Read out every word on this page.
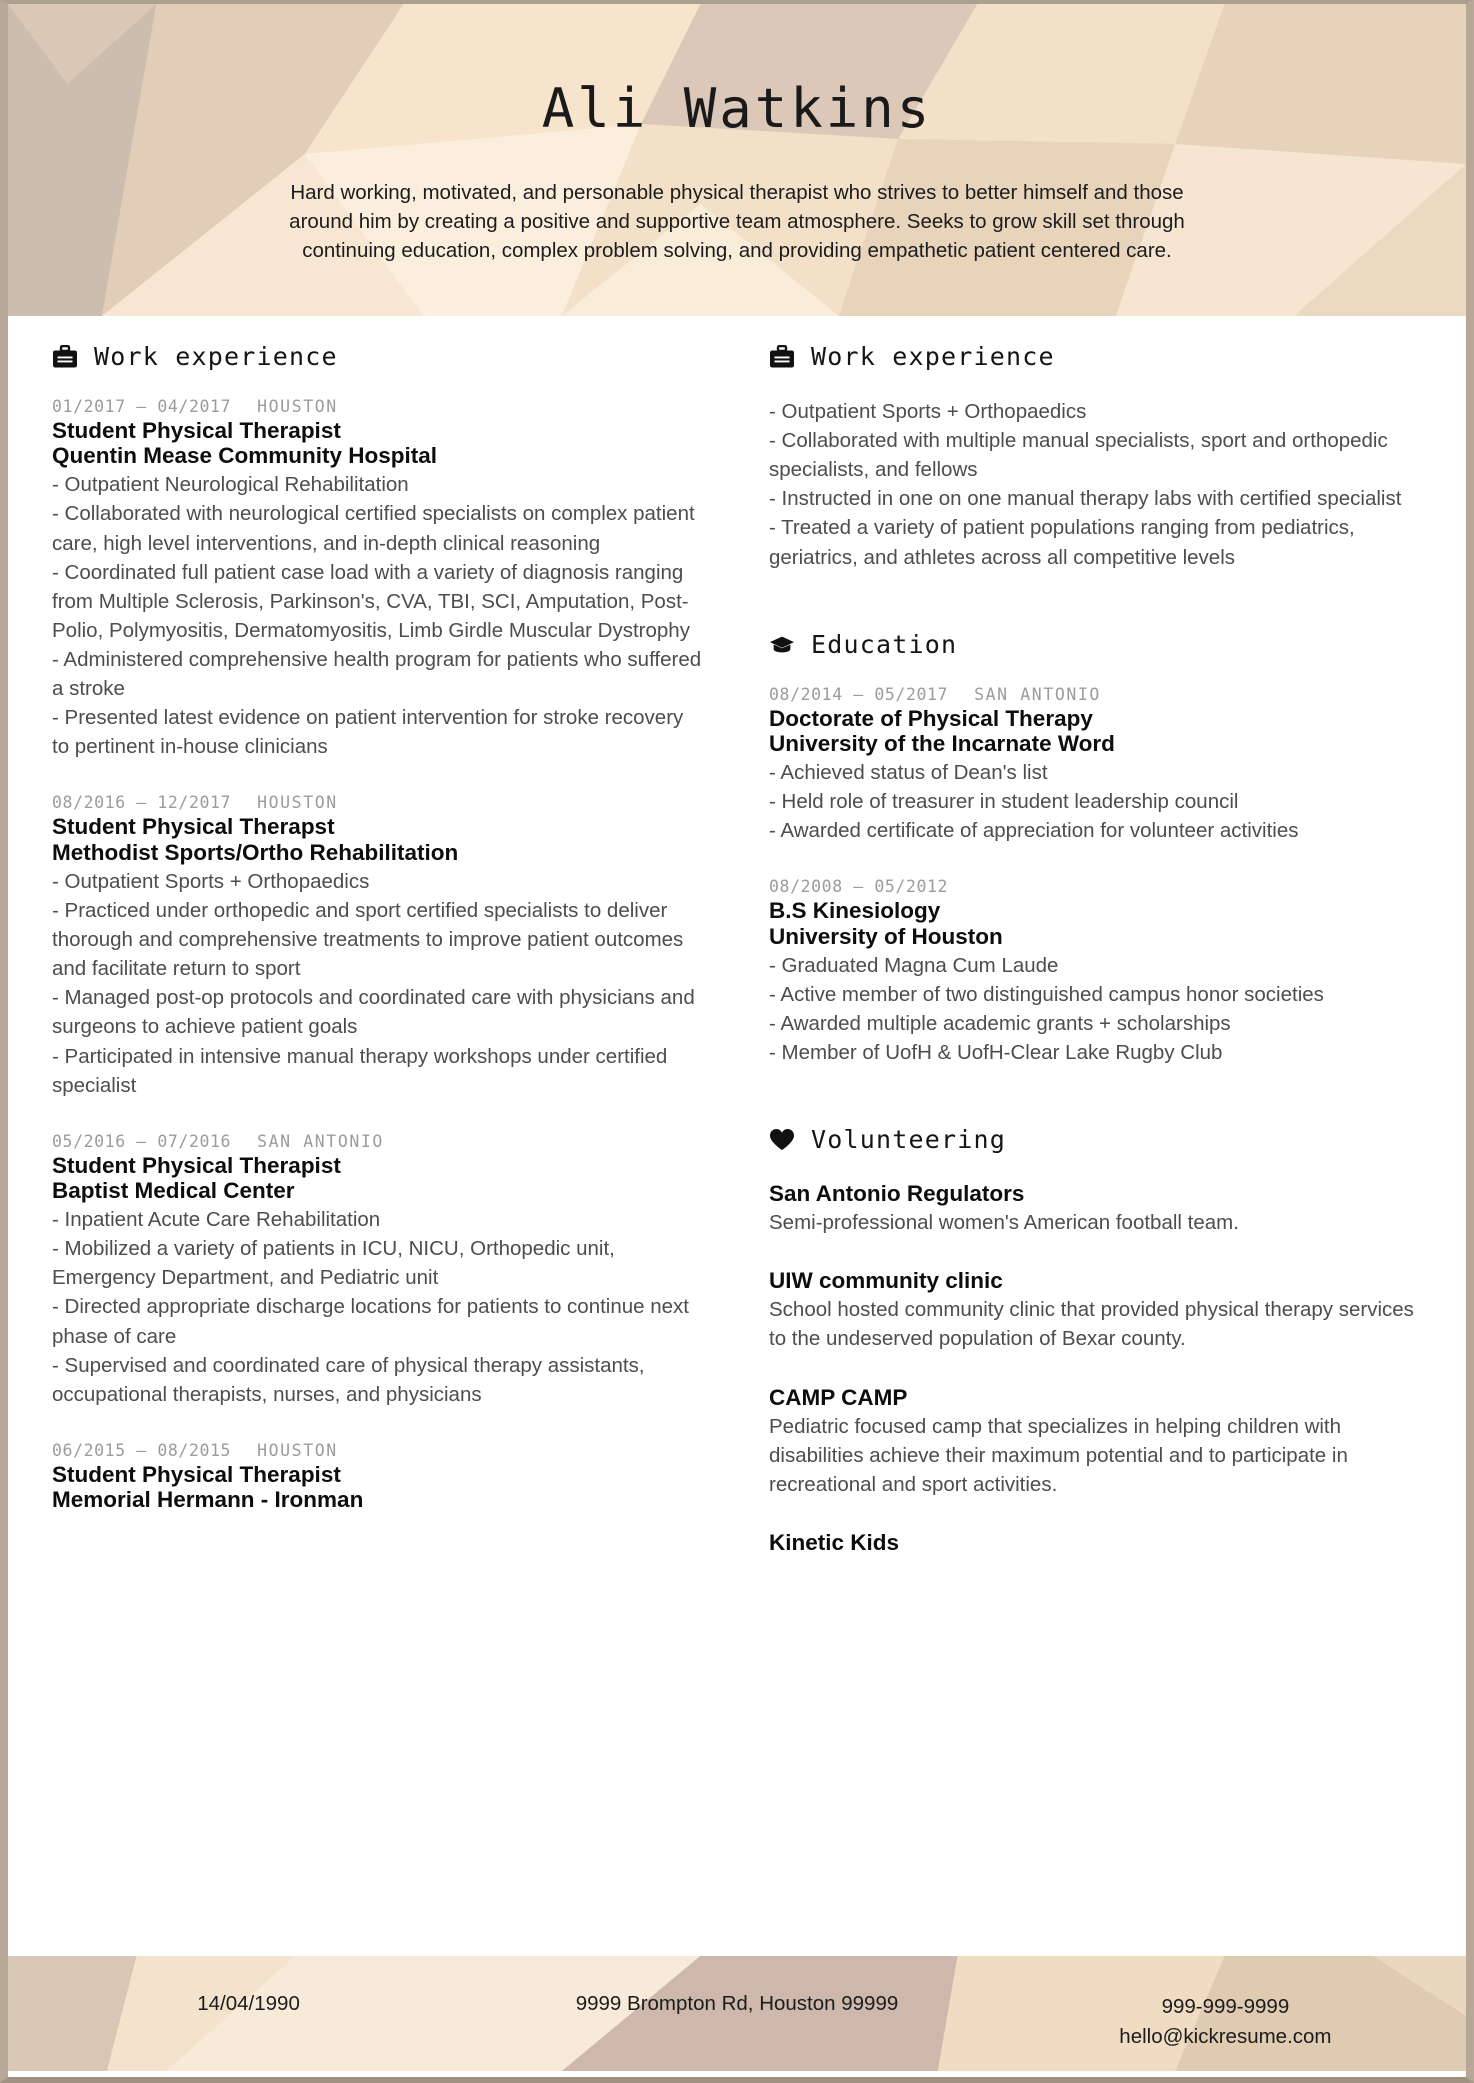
Ali Watkins
Hard working, motivated, and personable physical therapist who strives to better himself and those around him by creating a positive and supportive team atmosphere. Seeks to grow skill set through continuing education, complex problem solving, and providing empathetic patient centered care.
Work experience
01/2017 – 04/2017 HOUSTON
Student Physical Therapist
Quentin Mease Community Hospital

- Outpatient Neurological Rehabilitation

- Collaborated with neurological certified specialists on complex patient care, high level interventions, and in-depth clinical reasoning

- Coordinated full patient case load with a variety of diagnosis ranging from Multiple Sclerosis, Parkinson's, CVA, TBI, SCI, Amputation, Post-Polio, Polymyositis, Dermatomyositis, Limb Girdle Muscular Dystrophy

- Administered comprehensive health program for patients who suffered a stroke

- Presented latest evidence on patient intervention for stroke recovery to pertinent in-house clinicians

08/2016 – 12/2017 HOUSTON
Student Physical Therapst
Methodist Sports/Ortho Rehabilitation

- Outpatient Sports + Orthopaedics

- Practiced under orthopedic and sport certified specialists to deliver thorough and comprehensive treatments to improve patient outcomes and facilitate return to sport

- Managed post-op protocols and coordinated care with physicians and surgeons to achieve patient goals

- Participated in intensive manual therapy workshops under certified specialist

05/2016 – 07/2016 SAN ANTONIO
Student Physical Therapist
Baptist Medical Center

- Inpatient Acute Care Rehabilitation

- Mobilized a variety of patients in ICU, NICU, Orthopedic unit, Emergency Department, and Pediatric unit

- Directed appropriate discharge locations for patients to continue next phase of care

- Supervised and coordinated care of physical therapy assistants, occupational therapists, nurses, and physicians

06/2015 – 08/2015 HOUSTON
Student Physical Therapist
Memorial Hermann - Ironman
Work experience

- Outpatient Sports + Orthopaedics

- Collaborated with multiple manual specialists, sport and orthopedic specialists, and fellows

- Instructed in one on one manual therapy labs with certified specialist

- Treated a variety of patient populations ranging from pediatrics, geriatrics, and athletes across all competitive levels

Education
08/2014 – 05/2017 SAN ANTONIO
Doctorate of Physical Therapy
University of the Incarnate Word

- Achieved status of Dean's list

- Held role of treasurer in student leadership council

- Awarded certificate of appreciation for volunteer activities

08/2008 – 05/2012
B.S Kinesiology
University of Houston

- Graduated Magna Cum Laude

- Active member of two distinguished campus honor societies

- Awarded multiple academic grants + scholarships

- Member of UofH & UofH-Clear Lake Rugby Club

Volunteering
San Antonio Regulators
Semi-professional women's American football team.
UIW community clinic
School hosted community clinic that provided physical therapy services to the undeserved population of Bexar county.
CAMP CAMP
Pediatric focused camp that specializes in helping children with disabilities achieve their maximum potential and to participate in recreational and sport activities.
Kinetic Kids
14/04/1990	9999 Brompton Rd, Houston 99999	999-999-9999
hello@kickresume.com
